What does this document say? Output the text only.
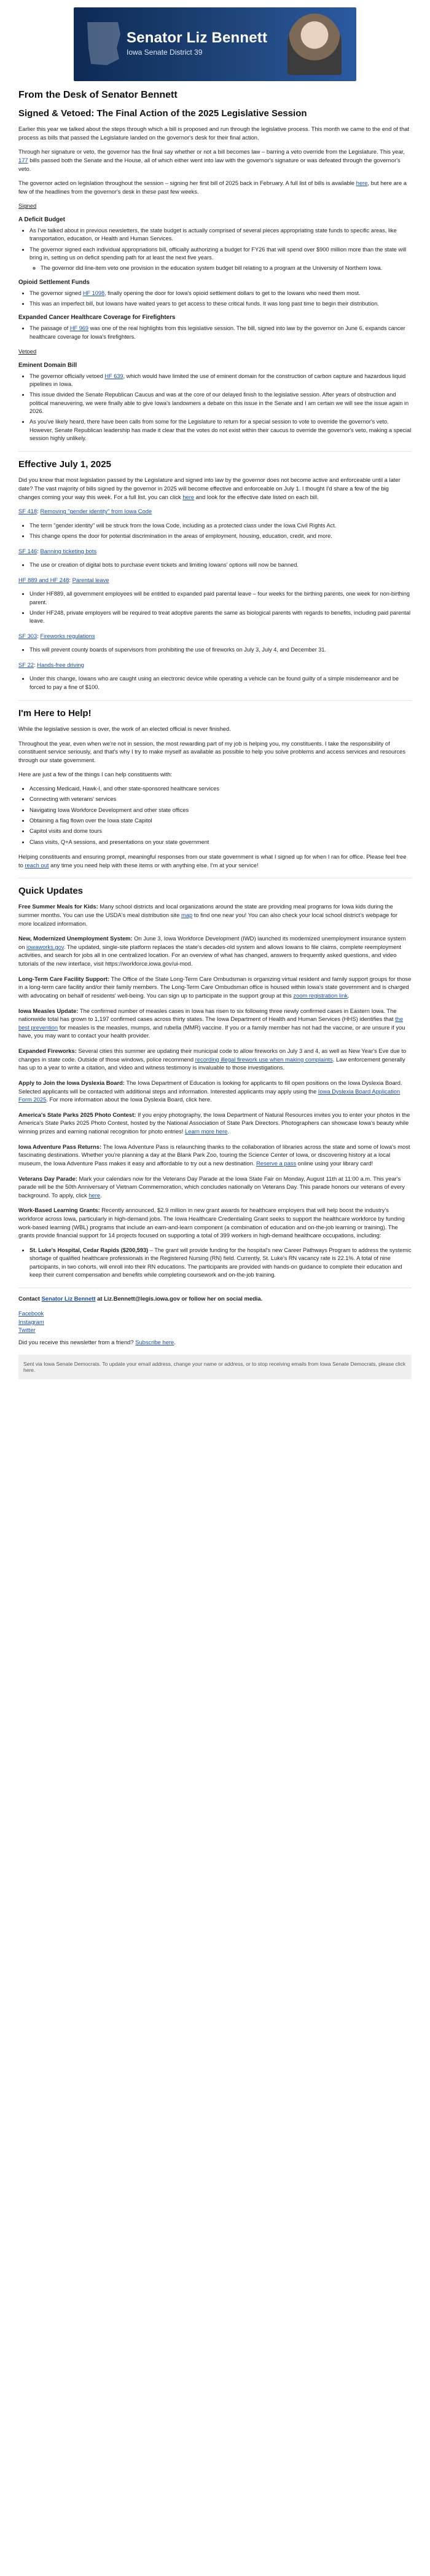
Senator Liz Bennett
Iowa Senate District 39
From the Desk of Senator Bennett
Signed & Vetoed: The Final Action of the 2025 Legislative Session

Earlier this year we talked about the steps through which a bill is proposed and run through the legislative process. This month we came to the end of that process as bills that passed the Legislature landed on the governor's desk for their final action.

Through her signature or veto, the governor has the final say whether or not a bill becomes law – barring a veto override from the Legislature. This year, 177 bills passed both the Senate and the House, all of which either went into law with the governor's signature or was defeated through the governor's veto.

The governor acted on legislation throughout the session – signing her first bill of 2025 back in February. A full list of bills is available here, but here are a few of the headlines from the governor's desk in these past few weeks.

Signed

A Deficit Budget
• As I've talked about in previous newsletters, the state budget is actually comprised of several pieces appropriating state funds to specific areas, like transportation, education, or Health and Human Services.
• The governor signed each individual appropriations bill, officially authorizing a budget for FY26 that will spend over $900 million more than the state will bring in, setting us on deficit spending path for at least the next five years.
◦ The governor did line-item veto one provision in the education system budget bill relating to a program at the University of Northern Iowa.
Opioid Settlement Funds
• The governor signed HF 1098, finally opening the door for Iowa's opioid settlement dollars to get to the Iowans who need them most.
• This was an imperfect bill, but Iowans have waited years to get access to these critical funds. It was long past time to begin their distribution.
Expanded Cancer Healthcare Coverage for Firefighters
• The passage of HF 969 was one of the real highlights from this legislative session. The bill, signed into law by the governor on June 6, expands cancer healthcare coverage for Iowa's firefighters.

Vetoed

Eminent Domain Bill
• The governor officially vetoed HF 639, which would have limited the use of eminent domain for the construction of carbon capture and hazardous liquid pipelines in Iowa.
• This issue divided the Senate Republican Caucus and was at the core of our delayed finish to the legislative session. After years of obstruction and political maneuvering, we were finally able to give Iowa's landowners a debate on this issue in the Senate and I am certain we will see the issue again in 2026.
• As you've likely heard, there have been calls from some for the Legislature to return for a special session to vote to override the governor's veto. However, Senate Republican leadership has made it clear that the votes do not exist within their caucus to override the governor's veto, making a special session highly unlikely.
Effective July 1, 2025

Did you know that most legislation passed by the Legislature and signed into law by the governor does not become active and enforceable until a later date? The vast majority of bills signed by the governor in 2025 will become effective and enforceable on July 1. I thought I'd share a few of the big changes coming your way this week. For a full list, you can click here and look for the effective date listed on each bill.

SF 418: Removing "gender identity" from Iowa Code

• The term "gender identity" will be struck from the Iowa Code, including as a protected class under the Iowa Civil Rights Act.
• This change opens the door for potential discrimination in the areas of employment, housing, education, credit, and more.

SF 146: Banning ticketing bots

• The use or creation of digital bots to purchase event tickets and limiting Iowans' options will now be banned.

HF 889 and HF 248: Parental leave

• Under HF889, all government employees will be entitled to expanded paid parental leave – four weeks for the birthing parents, one week for non-birthing parent.
• Under HF248, private employers will be required to treat adoptive parents the same as biological parents with regards to benefits, including paid parental leave.

SF 303: Fireworks regulations

• This will prevent county boards of supervisors from prohibiting the use of fireworks on July 3, July 4, and December 31.

SF 22: Hands-free driving

• Under this change, Iowans who are caught using an electronic device while operating a vehicle can be found guilty of a simple misdemeanor and be forced to pay a fine of $100.
I'm Here to Help!

While the legislative session is over, the work of an elected official is never finished.

Throughout the year, even when we're not in session, the most rewarding part of my job is helping you, my constituents. I take the responsibility of constituent service seriously, and that's why I try to make myself as available as possible to help you solve problems and access services and resources through our state government.

Here are just a few of the things I can help constituents with:

• Accessing Medicaid, Hawk-I, and other state-sponsored healthcare services
• Connecting with veterans' services
• Navigating Iowa Workforce Development and other state offices
• Obtaining a flag flown over the Iowa state Capitol
• Capitol visits and dome tours
• Class visits, Q+A sessions, and presentations on your state government

Helping constituents and ensuring prompt, meaningful responses from our state government is what I signed up for when I ran for office. Please feel free to reach out any time you need help with these items or with anything else. I'm at your service!

Quick Updates

Free Summer Meals for Kids: Many school districts and local organizations around the state are providing meal programs for Iowa kids during the summer months. You can use the USDA's meal distribution site map to find one near you! You can also check your local school district's webpage for more localized information.

New, Modernized Unemployment System: On June 3, Iowa Workforce Development (IWD) launched its modernized unemployment insurance system on iowaworks.gov. The updated, single-site platform replaces the state's decades-old system and allows Iowans to file claims, complete reemployment activities, and search for jobs all in one centralized location. For an overview of what has changed, answers to frequently asked questions, and video tutorials of the new interface, visit https://workforce.iowa.gov/ui-mod.

Long-Term Care Facility Support: The Office of the State Long-Term Care Ombudsman is organizing virtual resident and family support groups for those in a long-term care facility and/or their family members. The Long-Term Care Ombudsman office is housed within Iowa's state government and is charged with advocating on behalf of residents' well-being. You can sign up to participate in the support group at this zoom registration link.

Iowa Measles Update: The confirmed number of measles cases in Iowa has risen to six following three newly confirmed cases in Eastern Iowa. The nationwide total has grown to 1,197 confirmed cases across thirty states. The Iowa Department of Health and Human Services (HHS) identifies that the best prevention for measles is the measles, mumps, and rubella (MMR) vaccine. If you or a family member has not had the vaccine, or are unsure if you have, you may want to contact your health provider.

Expanded Fireworks: Several cities this summer are updating their municipal code to allow fireworks on July 3 and 4, as well as New Year's Eve due to changes in state code. Outside of those windows, police recommend recording illegal firework use when making complaints. Law enforcement generally has up to a year to write a citation, and video and witness testimony is invaluable to those investigations.

Apply to Join the Iowa Dyslexia Board: The Iowa Department of Education is looking for applicants to fill open positions on the Iowa Dyslexia Board. Selected applicants will be contacted with additional steps and information. Interested applicants may apply using the Iowa Dyslexia Board Application Form 2025. For more information about the Iowa Dyslexia Board, click here.

America's State Parks 2025 Photo Contest: If you enjoy photography, the Iowa Department of Natural Resources invites you to enter your photos in the America's State Parks 2025 Photo Contest, hosted by the National Association of State Park Directors. Photographers can showcase Iowa's beauty while winning prizes and earning national recognition for photo entries! Learn more here.

Iowa Adventure Pass Returns: The Iowa Adventure Pass is relaunching thanks to the collaboration of libraries across the state and some of Iowa's most fascinating destinations. Whether you're planning a day at the Blank Park Zoo, touring the Science Center of Iowa, or discovering history at a local museum, the Iowa Adventure Pass makes it easy and affordable to try out a new destination. Reserve a pass online using your library card!

Veterans Day Parade: Mark your calendars now for the Veterans Day Parade at the Iowa State Fair on Monday, August 11th at 11:00 a.m. This year's parade will be the 50th Anniversary of Vietnam Commemoration, which concludes nationally on Veterans Day. This parade honors our veterans of every background. To apply, click here.

Work-Based Learning Grants: Recently announced, $2.9 million in new grant awards for healthcare employers that will help boost the industry's workforce across Iowa, particularly in high-demand jobs. The Iowa Healthcare Credentialing Grant seeks to support the healthcare workforce by funding work-based learning (WBL) programs that include an earn-and-learn component (a combination of education and on-the-job learning or training). The grants provide financial support for 14 projects focused on supporting a total of 399 workers in high-demand healthcare occupations, including:

• St. Luke's Hospital, Cedar Rapids ($200,593) – The grant will provide funding for the hospital's new Career Pathways Program to address the systemic shortage of qualified healthcare professionals in the Registered Nursing (RN) field. Currently, St. Luke's RN vacancy rate is 22.1%. A total of nine participants, in two cohorts, will enroll into their RN educations. The participants are provided with hands-on guidance to complete their education and keep their current compensation and benefits while completing coursework and on-the-job training.

Contact Senator Liz Bennett at Liz.Bennett@legis.iowa.gov or follow her on social media.

Facebook
Instagram
Twitter

Did you receive this newsletter from a friend? Subscribe here.

Sent via Iowa Senate Democrats. To update your email address, change your name or address, or to stop receiving emails from Iowa Senate Democrats, please click here.
